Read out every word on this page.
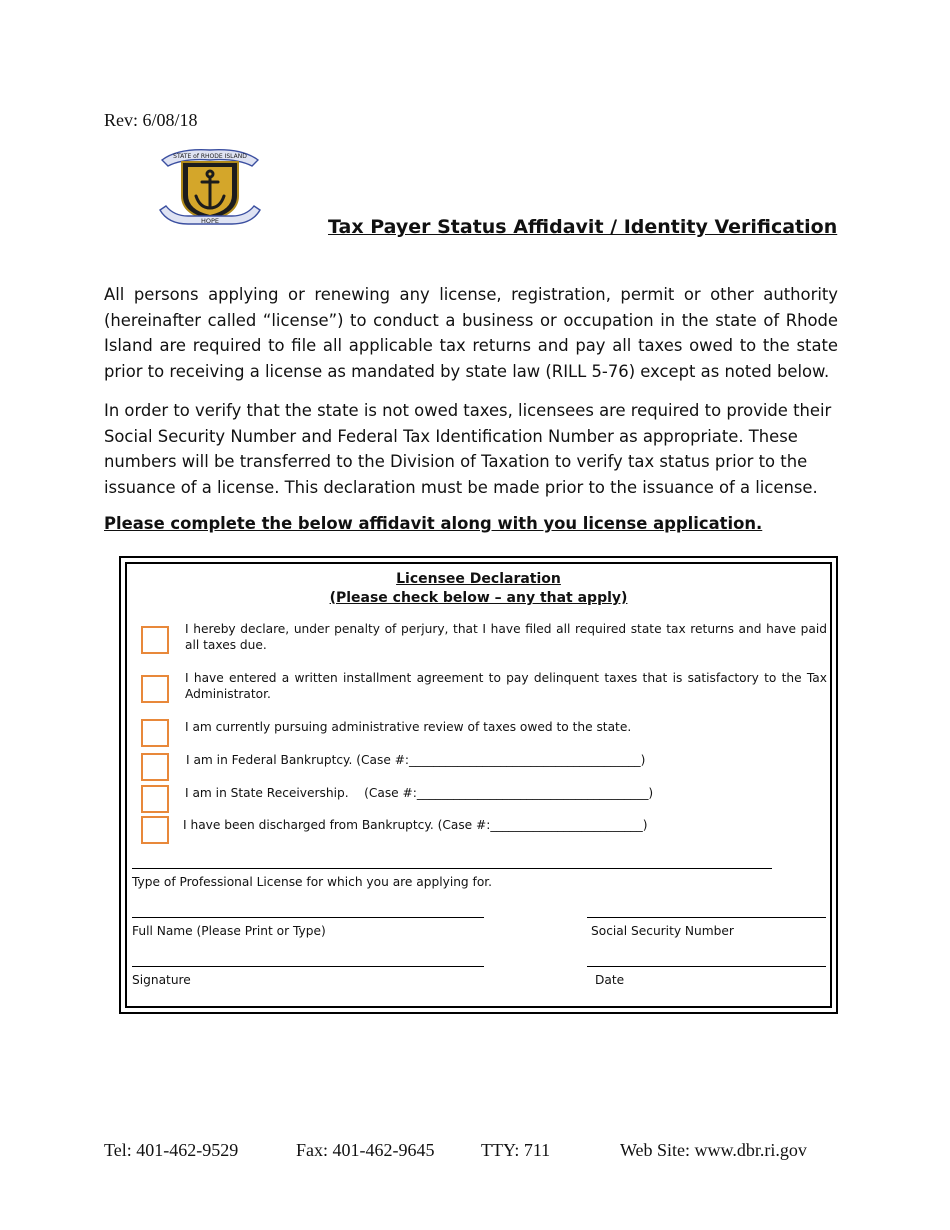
Rev: 6/08/18
STATE of RHODE ISLAND
HOPE	Tax Payer Status Affidavit / Identity Verification
All persons applying or renewing any license, registration, permit or other authority (hereinafter called “license”) to conduct a business or occupation in the state of Rhode Island are required to file all applicable tax returns and pay all taxes owed to the state prior to receiving a license as mandated by state law (RILL 5-76) except as noted below.
In order to verify that the state is not owed taxes, licensees are required to provide their Social Security Number and Federal Tax Identification Number as appropriate. These numbers will be transferred to the Division of Taxation to verify tax status prior to the issuance of a license. This declaration must be made prior to the issuance of a license.
Please complete the below affidavit along with you license application.
Licensee Declaration
(Please check below – any that apply)
I hereby declare, under penalty of perjury, that I have filed all required state tax returns and have paid all taxes due.
I have entered a written installment agreement to pay delinquent taxes that is satisfactory to the Tax Administrator.
I am currently pursuing administrative review of taxes owed to the state.
I am in Federal Bankruptcy. (Case #:______________________________________)
I am in State Receivership.    (Case #:______________________________________)
I have been discharged from Bankruptcy. (Case #:_________________________)
Type of Professional License for which you are applying for.
Full Name (Please Print or Type)	Social Security Number
Signature	Date
Tel: 401-462-9529	Fax: 401-462-9645	TTY: 711	Web Site: www.dbr.ri.gov
